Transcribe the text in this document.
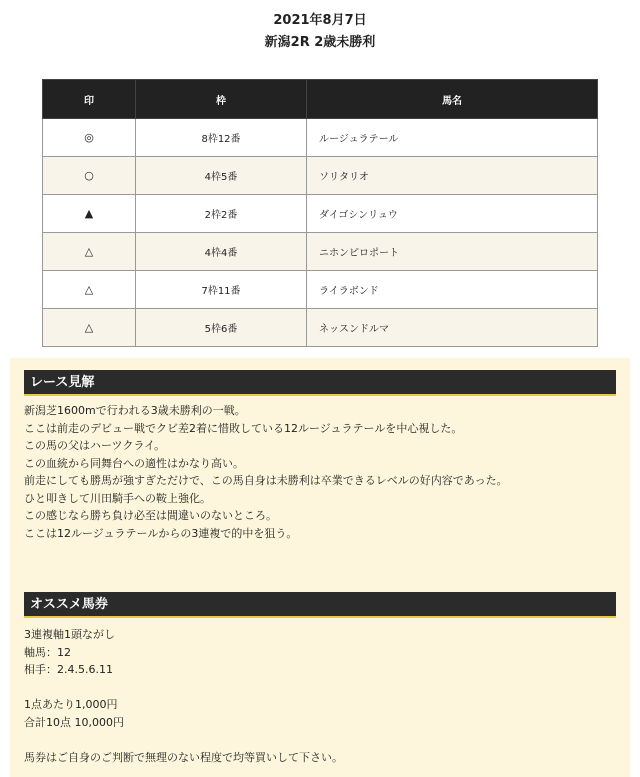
2021年8月7日
新潟2R 2歳未勝利
印	枠	馬名
◎	8枠12番	ルージュラテール
○	4枠5番	ソリタリオ
▲	2枠2番	ダイゴシンリュウ
△	4枠4番	ニホンピロポート
△	7枠11番	ライラボンド
△	5枠6番	ネッスンドルマ
レース見解
新潟芝1600mで行われる3歳未勝利の一戦。
ここは前走のデビュー戦でクビ差2着に惜敗している12ルージュラテールを中心視した。
この馬の父はハーツクライ。
この血統から同舞台への適性はかなり高い。
前走にしても勝馬が強すぎただけで、この馬自身は未勝利は卒業できるレベルの好内容であった。
ひと叩きして川田騎手への鞍上強化。
この感じなら勝ち負け必至は間違いのないところ。
ここは12ルージュラテールからの3連複で的中を狙う。
オススメ馬券
3連複軸1頭ながし
軸馬：12
相手：2.4.5.6.11
1点あたり1,000円
合計10点 10,000円
馬券はご自身のご判断で無理のない程度で均等買いして下さい。
